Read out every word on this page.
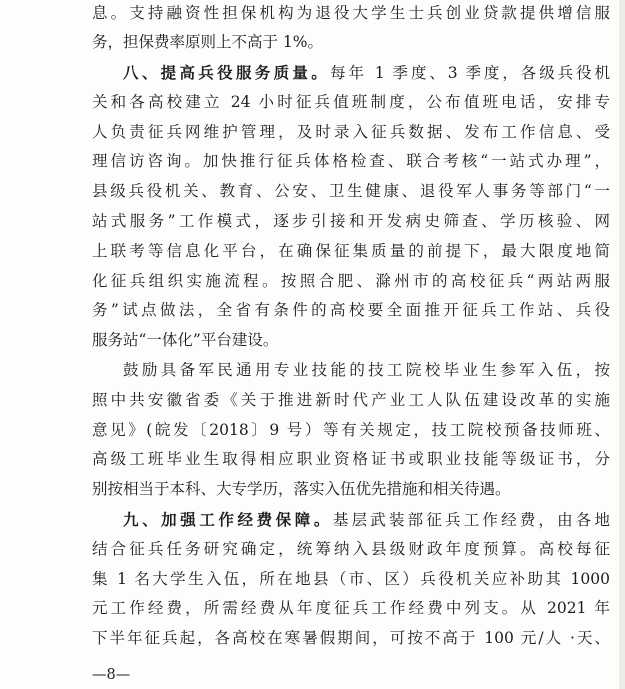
息。支持融资性担保机构为退役大学生士兵创业贷款提供增信服
务，担保费率原则上不高于 1%。
八、提高兵役服务质量。每年 1 季度、3 季度，各级兵役机
关和各高校建立 24 小时征兵值班制度，公布值班电话，安排专
人负责征兵网维护管理，及时录入征兵数据、发布工作信息、受
理信访咨询。加快推行征兵体格检查、联合考核“一站式办理”，
县级兵役机关、教育、公安、卫生健康、退役军人事务等部门“一
站式服务”工作模式，逐步引接和开发病史筛查、学历核验、网
上联考等信息化平台，在确保征集质量的前提下，最大限度地简
化征兵组织实施流程。按照合肥、滁州市的高校征兵“两站两服
务”试点做法，全省有条件的高校要全面推开征兵工作站、兵役
服务站“一体化”平台建设。
鼓励具备军民通用专业技能的技工院校毕业生参军入伍，按
照中共安徽省委《关于推进新时代产业工人队伍建设改革的实施
意见》(皖发〔2018〕9 号）等有关规定，技工院校预备技师班、
高级工班毕业生取得相应职业资格证书或职业技能等级证书，分
别按相当于本科、大专学历，落实入伍优先措施和相关待遇。
九、加强工作经费保障。基层武装部征兵工作经费，由各地
结合征兵任务研究确定，统筹纳入县级财政年度预算。高校每征
集 1 名大学生入伍，所在地县（市、区）兵役机关应补助其 1000
元工作经费，所需经费从年度征兵工作经费中列支。从 2021 年
下半年征兵起，各高校在寒暑假期间，可按不高于 100 元/人 ·天、
—8—
